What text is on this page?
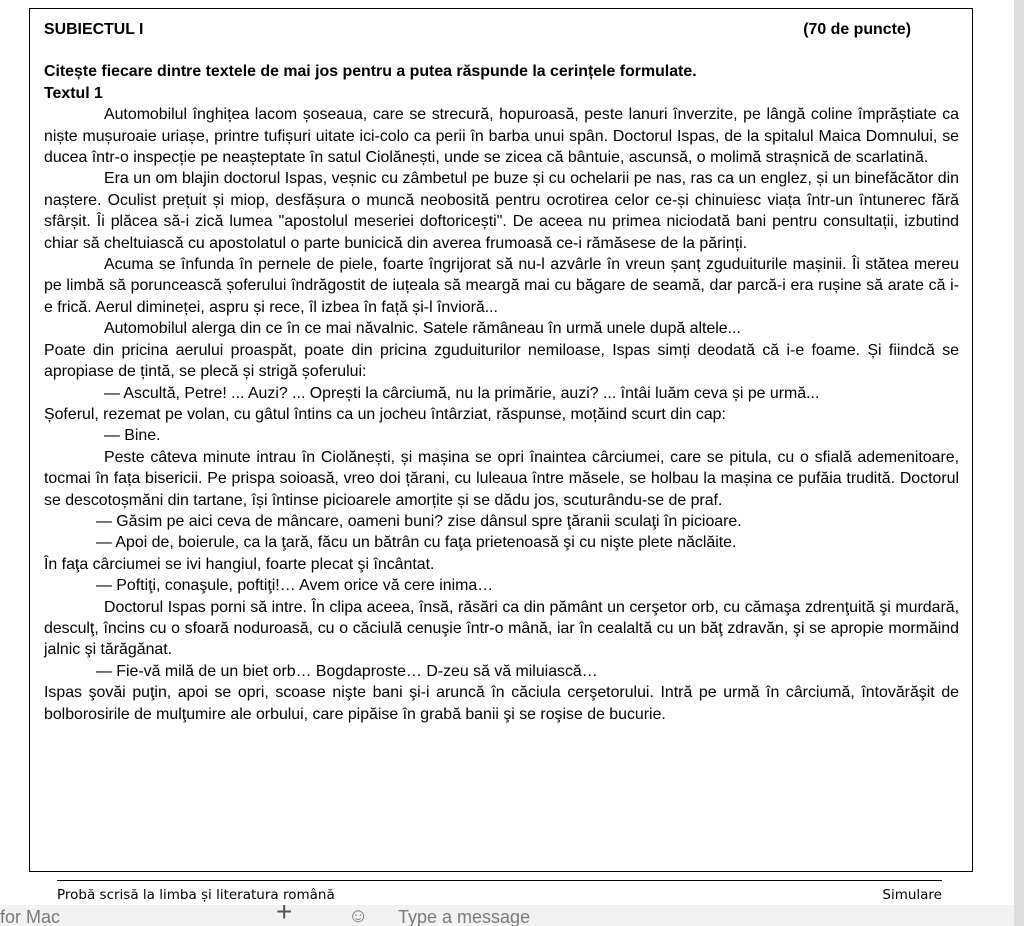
SUBIECTUL I	(70 de puncte)
Citește fiecare dintre textele de mai jos pentru a putea răspunde la cerințele formulate.
Textul 1

Automobilul înghițea lacom șoseaua, care se strecură, hopuroasă, peste lanuri înverzite, pe lângă coline împrăștiate ca niște mușuroaie uriașe, printre tufișuri uitate ici-colo ca perii în barba unui spân. Doctorul Ispas, de la spitalul Maica Domnului, se ducea într-o inspecție pe neașteptate în satul Ciolănești, unde se zicea că bântuie, ascunsă, o molimă strașnică de scarlatină.

Era un om blajin doctorul Ispas, veșnic cu zâmbetul pe buze și cu ochelarii pe nas, ras ca un englez, și un binefăcător din naștere. Oculist prețuit și miop, desfășura o muncă neobosită pentru ocrotirea celor ce-și chinuiesc viața într-un întunerec fără sfârșit. Îi plăcea să-i zică lumea "apostolul meseriei doftoricești". De aceea nu primea niciodată bani pentru consultații, izbutind chiar să cheltuiască cu apostolatul o parte bunicică din averea frumoasă ce-i rămăsese de la părinți.

Acuma se înfunda în pernele de piele, foarte îngrijorat să nu-l azvârle în vreun șanț zguduiturile mașinii. Îi stătea mereu pe limbă să poruncească șoferului îndrăgostit de iuțeala să meargă mai cu băgare de seamă, dar parcă-i era rușine să arate că i-e frică. Aerul dimineței, aspru și rece, îl izbea în față și-l învioră...

Automobilul alerga din ce în ce mai năvalnic. Satele rămâneau în urmă unele după altele...

Poate din pricina aerului proaspăt, poate din pricina zguduiturilor nemiloase, Ispas simți deodată că i-e foame. Și fiindcă se apropiase de țintă, se plecă și strigă șoferului:

— Ascultă, Petre! ... Auzi? ... Oprești la cârciumă, nu la primărie, auzi? ... întâi luăm ceva și pe urmă...

Șoferul, rezemat pe volan, cu gâtul întins ca un jocheu întârziat, răspunse, moțăind scurt din cap:

— Bine.

Peste câteva minute intrau în Ciolănești, și mașina se opri înaintea cârciumei, care se pitula, cu o sfială ademenitoare, tocmai în fața bisericii. Pe prispa soioasă, vreo doi țărani, cu luleaua între măsele, se holbau la mașina ce pufăia trudită. Doctorul se descotoșmăni din tartane, își întinse picioarele amorțite și se dădu jos, scuturându-se de praf.

— Găsim pe aici ceva de mâncare, oameni buni? zise dânsul spre ţăranii sculaţi în picioare.

— Apoi de, boierule, ca la ţară, făcu un bătrân cu faţa prietenoasă şi cu nişte plete năclăite.

În faţa cârciumei se ivi hangiul, foarte plecat şi încântat.

— Poftiţi, conaşule, poftiţi!… Avem orice vă cere inima…

Doctorul Ispas porni să intre. În clipa aceea, însă, răsări ca din pământ un cerşetor orb, cu cămaşa zdrenţuită şi murdară, desculţ, încins cu o sfoară noduroasă, cu o căciulă cenuşie într-o mână, iar în cealaltă cu un băţ zdravăn, şi se apropie mormăind jalnic şi tărăgănat.

— Fie-vă milă de un biet orb… Bogdaproste… D-zeu să vă miluiască…

Ispas şovăi puţin, apoi se opri, scoase nişte bani şi-i aruncă în căciula cerşetorului. Intră pe urmă în cârciumă, întovărăşit de bolborosirile de mulţumire ale orbului, care pipăise în grabă banii şi se roşise de bucurie.

Probă scrisă la limba și literatura română	Simulare
for Mac	+	☺ Type a message
